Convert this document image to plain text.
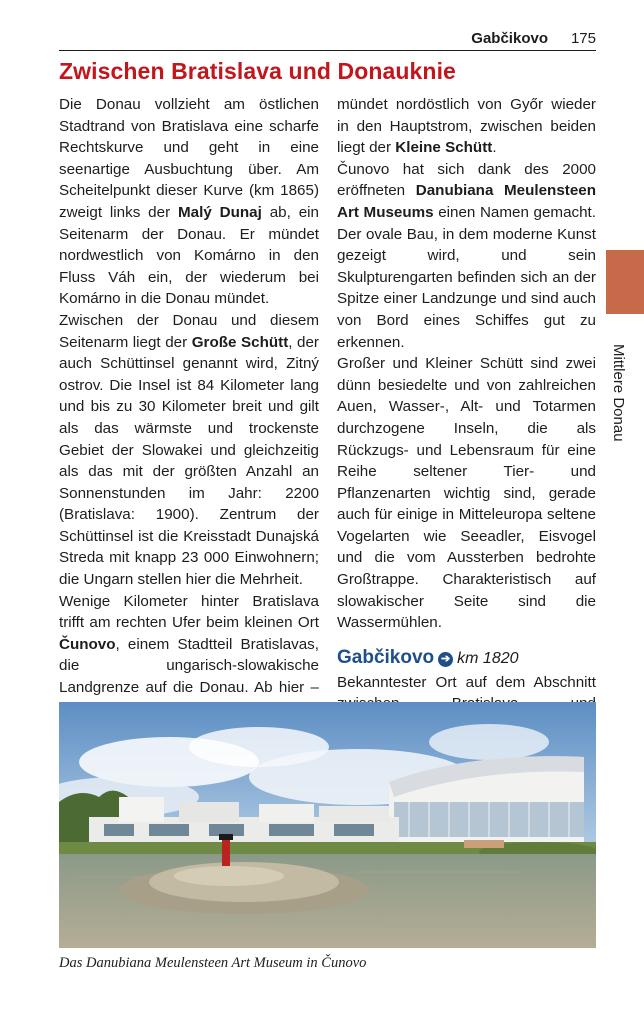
Gabčikovo 175
Zwischen Bratislava und Donauknie

Die Donau vollzieht am östlichen Stadtrand von Bratislava eine scharfe Rechtskurve und geht in eine seenartige Ausbuchtung über. Am Scheitelpunkt dieser Kurve (km 1865) zweigt links der Malý Dunaj ab, ein Seitenarm der Donau. Er mündet nordwestlich von Komárno in den Fluss Váh ein, der wiederum bei Komárno in die Donau mündet.

Zwischen der Donau und diesem Seitenarm liegt der Große Schütt, der auch Schüttinsel genannt wird, Zitný ostrov. Die Insel ist 84 Kilometer lang und bis zu 30 Kilometer breit und gilt als das wärmste und trockenste Gebiet der Slowakei und gleichzeitig als das mit der größten Anzahl an Sonnenstunden im Jahr: 2200 (Bratislava: 1900). Zentrum der Schüttinsel ist die Kreisstadt Dunajská Streda mit knapp 23 000 Einwohnern; die Ungarn stellen hier die Mehrheit.

Wenige Kilometer hinter Bratislava trifft am rechten Ufer beim kleinen Ort Čunovo, einem Stadtteil Bratislavas, die ungarisch-slowakische Landgrenze auf die Donau. Ab hier –

mündet nordöstlich von Győr wieder in den Hauptstrom, zwischen beiden liegt der Kleine Schütt.

Čunovo hat sich dank des 2000 eröffneten Danubiana Meulensteen Art Museums einen Namen gemacht. Der ovale Bau, in dem moderne Kunst gezeigt wird, und sein Skulpturengarten befinden sich an der Spitze einer Landzunge und sind auch von Bord eines Schiffes gut zu erkennen.

Großer und Kleiner Schütt sind zwei dünn besiedelte und von zahlreichen Auen, Wasser-, Alt- und Totarmen durchzogene Inseln, die als Rückzugs- und Lebensraum für eine Reihe seltener Tier- und Pflanzenarten wichtig sind, gerade auch für einige in Mitteleuropa seltene Vogelarten wie Seeadler, Eisvogel und die vom Aussterben bedrohte Großtrappe. Charakteristisch auf slowakischer Seite sind die Wassermühlen.

Gabčikovo ➔ km 1820

Bekanntester Ort auf dem Abschnitt

Mittlere Donau
Das Danubiana Meulensteen Art Museum in Čunovo
